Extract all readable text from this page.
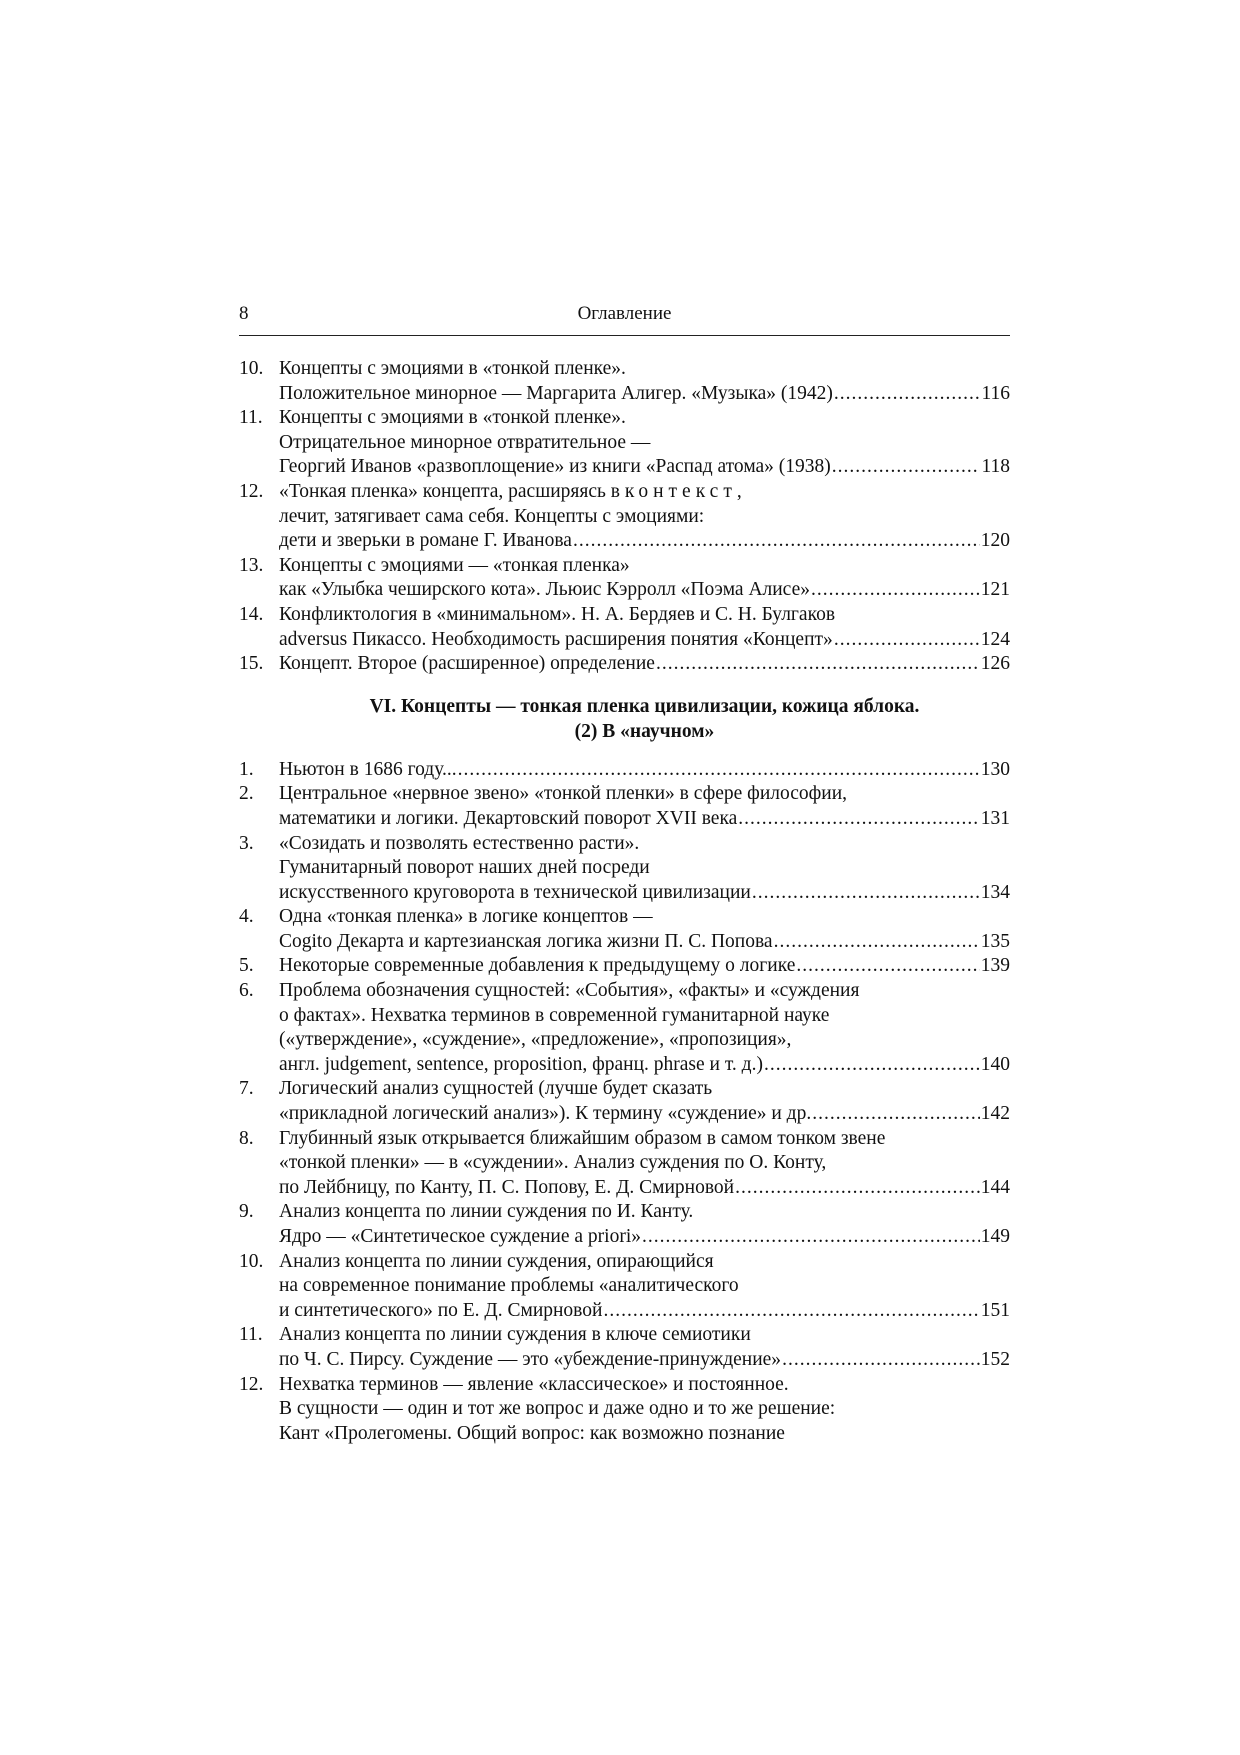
8	Оглавление
10. Концепты с эмоциями в «тонкой пленке».
Положительное минорное — Маргарита Алигер. «Музыка» (1942) .....	116
11. Концепты с эмоциями в «тонкой пленке».
Отрицательное минорное отвратительное —
Георгий Иванов «развоплощение» из книги «Распад атома» (1938) .....	118
12. «Тонкая пленка» концепта, расширяясь в контекст,
лечит, затягивает сама себя. Концепты с эмоциями:
дети и зверьки в романе Г. Иванова .....	120
13. Концепты с эмоциями — «тонкая пленка»
как «Улыбка чеширского кота». Льюис Кэрролл «Поэма Алисе» .....	121
14. Конфликтология в «минимальном». Н. А. Бердяев и С. Н. Булгаков
adversus Пикассо. Необходимость расширения понятия «Концепт» .....	124
15. Концепт. Второе (расширенное) определение .....	126
VI. Концепты — тонкая пленка цивилизации, кожица яблока.
(2) В «научном»
1.	Ньютон в 1686 году... .....	130
2.	Центральное «нервное звено» «тонкой пленки» в сфере философии,
математики и логики. Декартовский поворот XVII века .....	131
3.	«Созидать и позволять естественно расти».
Гуманитарный поворот наших дней посреди
искусственного круговорота в технической цивилизации .....	134
4.	Одна «тонкая пленка» в логике концептов —
Cogito Декарта и картезианская логика жизни П. С. Попова .....	135
5.	Некоторые современные добавления к предыдущему о логике .....	139
6.	Проблема обозначения сущностей: «События», «факты» и «суждения
о фактах». Нехватка терминов в современной гуманитарной науке
(«утверждение», «суждение», «предложение», «пропозиция»,
англ. judgement, sentence, proposition, франц. phrase и т. д.) .....	140
7.	Логический анализ сущностей (лучше будет сказать
«прикладной логический анализ»). К термину «суждение» и др. .....	142
8.	Глубинный язык открывается ближайшим образом в самом тонком звене
«тонкой пленки» — в «суждении». Анализ суждения по О. Конту,
по Лейбницу, по Канту, П. С. Попову, Е. Д. Смирновой .....	144
9.	Анализ концепта по линии суждения по И. Канту.
Ядро — «Синтетическое суждение a priori» .....	149
10. Анализ концепта по линии суждения, опирающийся
на современное понимание проблемы «аналитического
и синтетического» по Е. Д. Смирновой .....	151
11. Анализ концепта по линии суждения в ключе семиотики
по Ч. С. Пирсу. Суждение — это «убеждение-принуждение» .....	152
12. Нехватка терминов — явление «классическое» и постоянное.
В сущности — один и тот же вопрос и даже одно и то же решение:
Кант «Пролегомены. Общий вопрос: как возможно познание
